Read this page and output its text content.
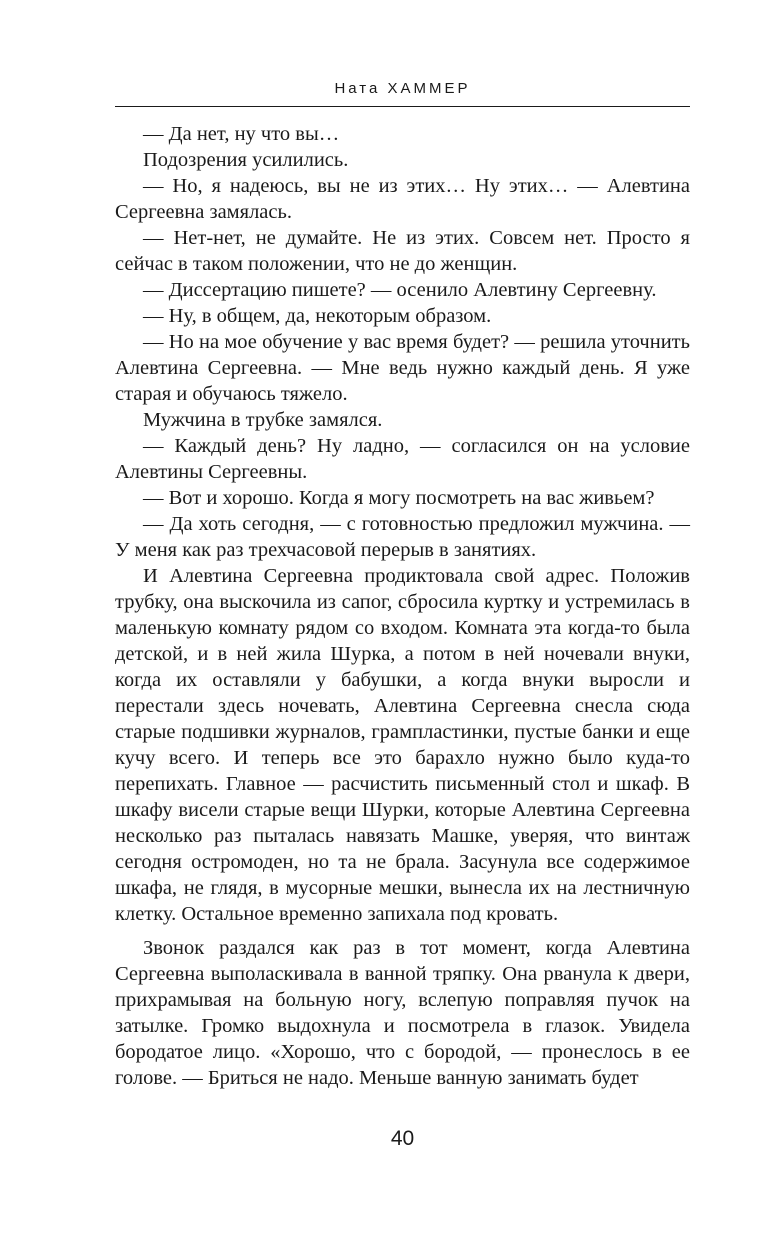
Ната ХАММЕР

— Да нет, ну что вы…

Подозрения усилились.

— Но, я надеюсь, вы не из этих… Ну этих… — Алевтина Сергеевна замялась.

— Нет-нет, не думайте. Не из этих. Совсем нет. Просто я сейчас в таком положении, что не до женщин.

— Диссертацию пишете? — осенило Алевтину Сергеевну.

— Ну, в общем, да, некоторым образом.

— Но на мое обучение у вас время будет? — решила уточнить Алевтина Сергеевна. — Мне ведь нужно каждый день. Я уже старая и обучаюсь тяжело.

Мужчина в трубке замялся.

— Каждый день? Ну ладно, — согласился он на условие Алевтины Сергеевны.

— Вот и хорошо. Когда я могу посмотреть на вас живьем?

— Да хоть сегодня, — с готовностью предложил мужчина. — У меня как раз трехчасовой перерыв в занятиях.

И Алевтина Сергеевна продиктовала свой адрес. Положив трубку, она выскочила из сапог, сбросила куртку и устремилась в маленькую комнату рядом со входом. Комната эта когда-то была детской, и в ней жила Шурка, а потом в ней ночевали внуки, когда их оставляли у бабушки, а когда внуки выросли и перестали здесь ночевать, Алевтина Сергеевна снесла сюда старые подшивки журналов, грампластинки, пустые банки и еще кучу всего. И теперь все это барахло нужно было куда-то перепихать. Главное — расчистить письменный стол и шкаф. В шкафу висели старые вещи Шурки, которые Алевтина Сергеевна несколько раз пыталась навязать Машке, уверяя, что винтаж сегодня остромоден, но та не брала. Засунула все содержимое шкафа, не глядя, в мусорные мешки, вынесла их на лестничную клетку. Остальное временно запихала под кровать.

Звонок раздался как раз в тот момент, когда Алевтина Сергеевна выполаскивала в ванной тряпку. Она рванула к двери, прихрамывая на больную ногу, вслепую поправляя пучок на затылке. Громко выдохнула и посмотрела в глазок. Увидела бородатое лицо. «Хорошо, что с бородой, — пронеслось в ее голове. — Бриться не надо. Меньше ванную занимать будет

40
